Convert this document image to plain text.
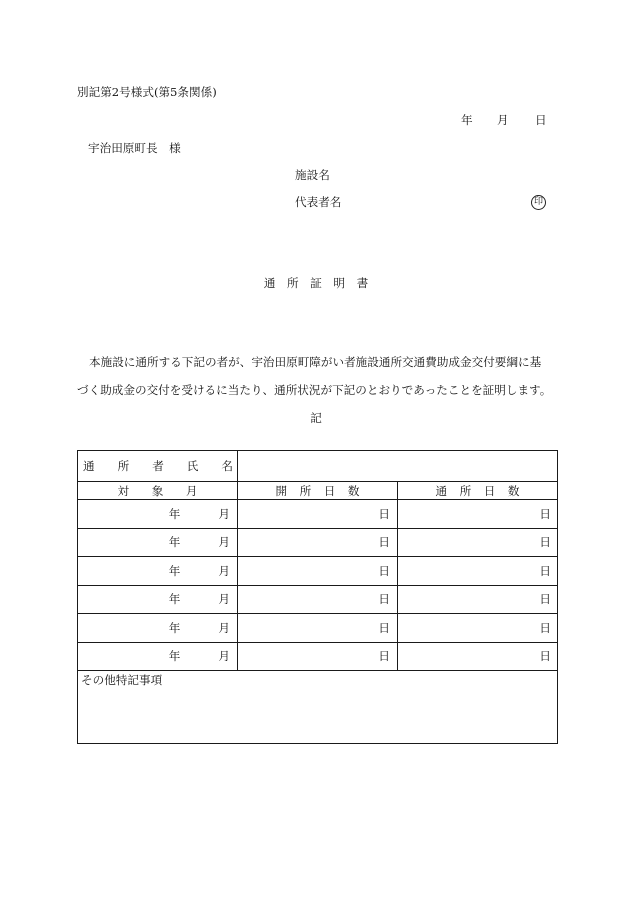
別記第2号様式(第5条関係)
年 月 日
宇治田原町長　様
施設名
代表者名	印
通　所　証　明　書
本施設に通所する下記の者が、宇治田原町障がい者施設通所交通費助成金交付要綱に基
づく助成金の交付を受けるに当たり、通所状況が下記のとおりであったことを証明します。
記
通　所　者　氏　名		
対　象　月	開　所　日　数	通　所　日　数
年 月	日	日
年 月	日	日
年 月	日	日
年 月	日	日
年 月	日	日
年 月	日	日
その他特記事項		
